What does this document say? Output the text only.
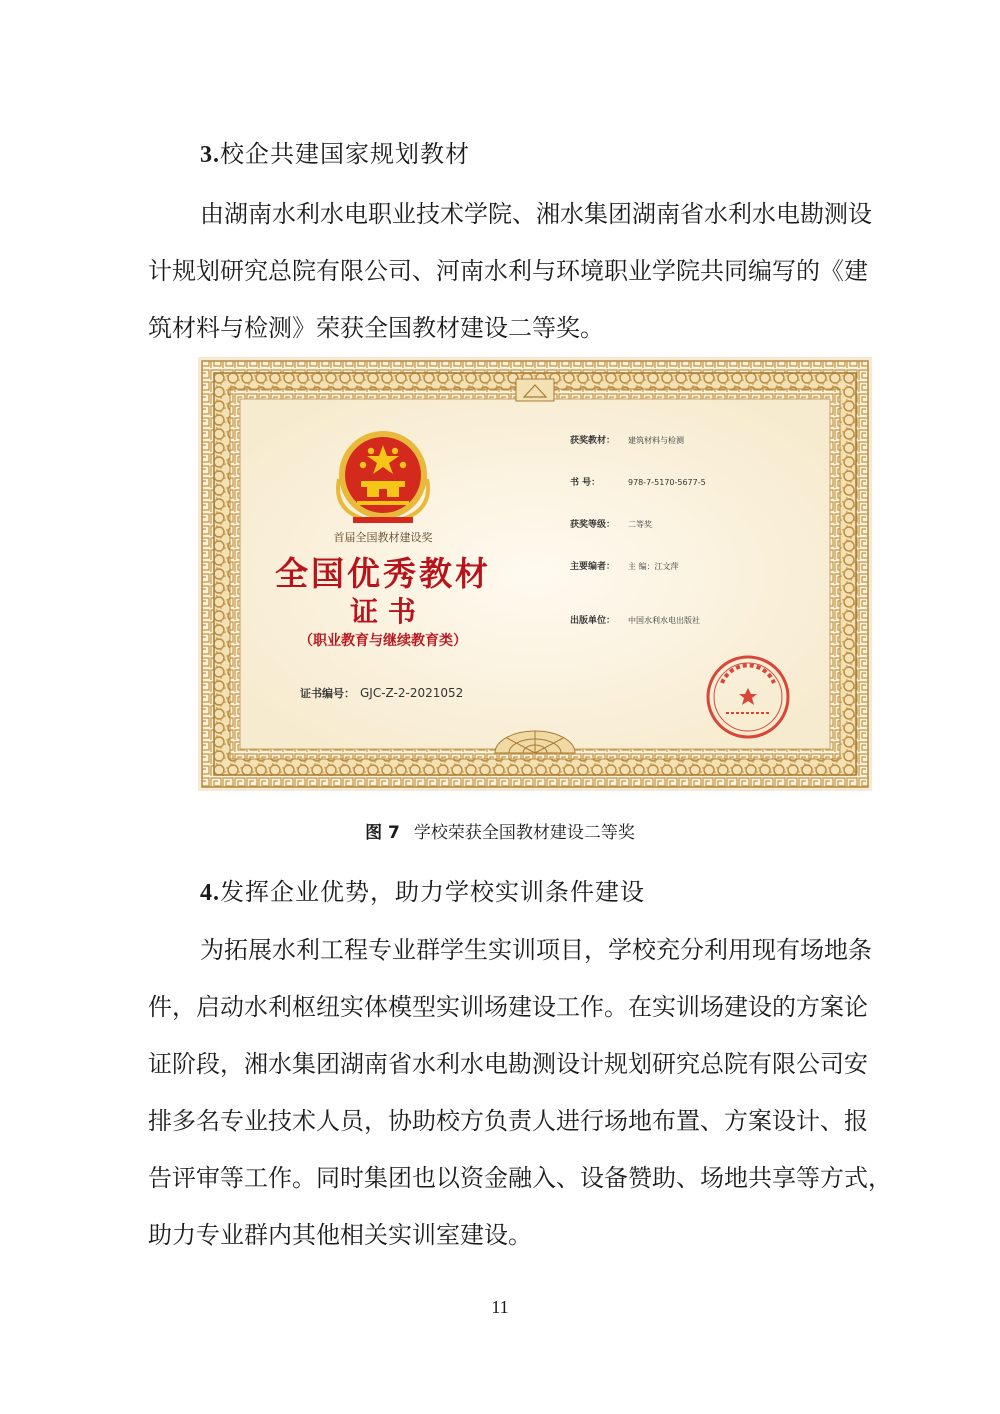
3.校企共建国家规划教材
由湖南水利水电职业技术学院、湘水集团湖南省水利水电勘测设
计规划研究总院有限公司、河南水利与环境职业学院共同编写的《建
筑材料与检测》荣获全国教材建设二等奖。
首届全国教材建设奖
全国优秀教材
证 书
（职业教育与继续教育类）
证书编号： GJC-Z-2-2021052
获奖教材： 建筑材料与检测
书 号：	978-7-5170-5677-5
获奖等级： 二等奖
主要编者： 主 编：江文萍
出版单位： 中国水利水电出版社
图 7 学校荣获全国教材建设二等奖
4.发挥企业优势，助力学校实训条件建设
为拓展水利工程专业群学生实训项目，学校充分利用现有场地条
件，启动水利枢纽实体模型实训场建设工作。在实训场建设的方案论
证阶段，湘水集团湖南省水利水电勘测设计规划研究总院有限公司安
排多名专业技术人员，协助校方负责人进行场地布置、方案设计、报
告评审等工作。同时集团也以资金融入、设备赞助、场地共享等方式，
助力专业群内其他相关实训室建设。
11
